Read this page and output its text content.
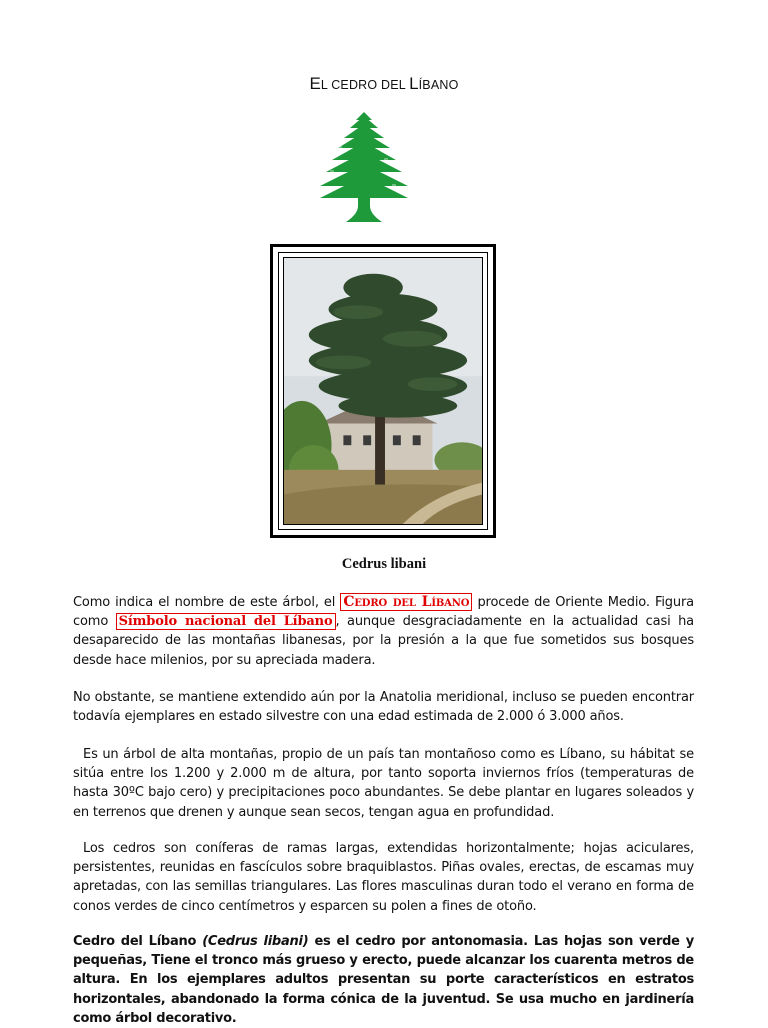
EL CEDRO DEL LÍBANO
Cedrus libani
Como indica el nombre de este árbol, el Cedro del Líbano procede de Oriente Medio. Figura como Símbolo nacional del Líbano , aunque desgraciadamente en la actualidad casi ha desaparecido de las montañas libanesas, por la presión a la que fue sometidos sus bosques desde hace milenios, por su apreciada madera.
No obstante, se mantiene extendido aún por la Anatolia meridional, incluso se pueden encontrar todavía ejemplares en estado silvestre con una edad estimada de 2.000 ó 3.000 años.
Es un árbol de alta montañas, propio de un país tan montañoso como es Líbano, su hábitat se sitúa entre los 1.200 y 2.000 m de altura, por tanto soporta inviernos fríos (temperaturas de hasta 30ºC bajo cero) y precipitaciones poco abundantes. Se debe plantar en lugares soleados y en terrenos que drenen y aunque sean secos, tengan agua en profundidad.
Los cedros son coníferas de ramas largas, extendidas horizontalmente; hojas aciculares, persistentes, reunidas en fascículos sobre braquiblastos. Piñas ovales, erectas, de escamas muy apretadas, con las semillas triangulares. Las flores masculinas duran todo el verano en forma de conos verdes de cinco centímetros y esparcen su polen a fines de otoño.
Cedro del Líbano (Cedrus libani) es el cedro por antonomasia. Las hojas son verde y pequeñas, Tiene el tronco más grueso y erecto, puede alcanzar los cuarenta metros de altura. En los ejemplares adultos presentan su porte característicos en estratos horizontales, abandonado la forma cónica de la juventud. Se usa mucho en jardinería como árbol decorativo.
